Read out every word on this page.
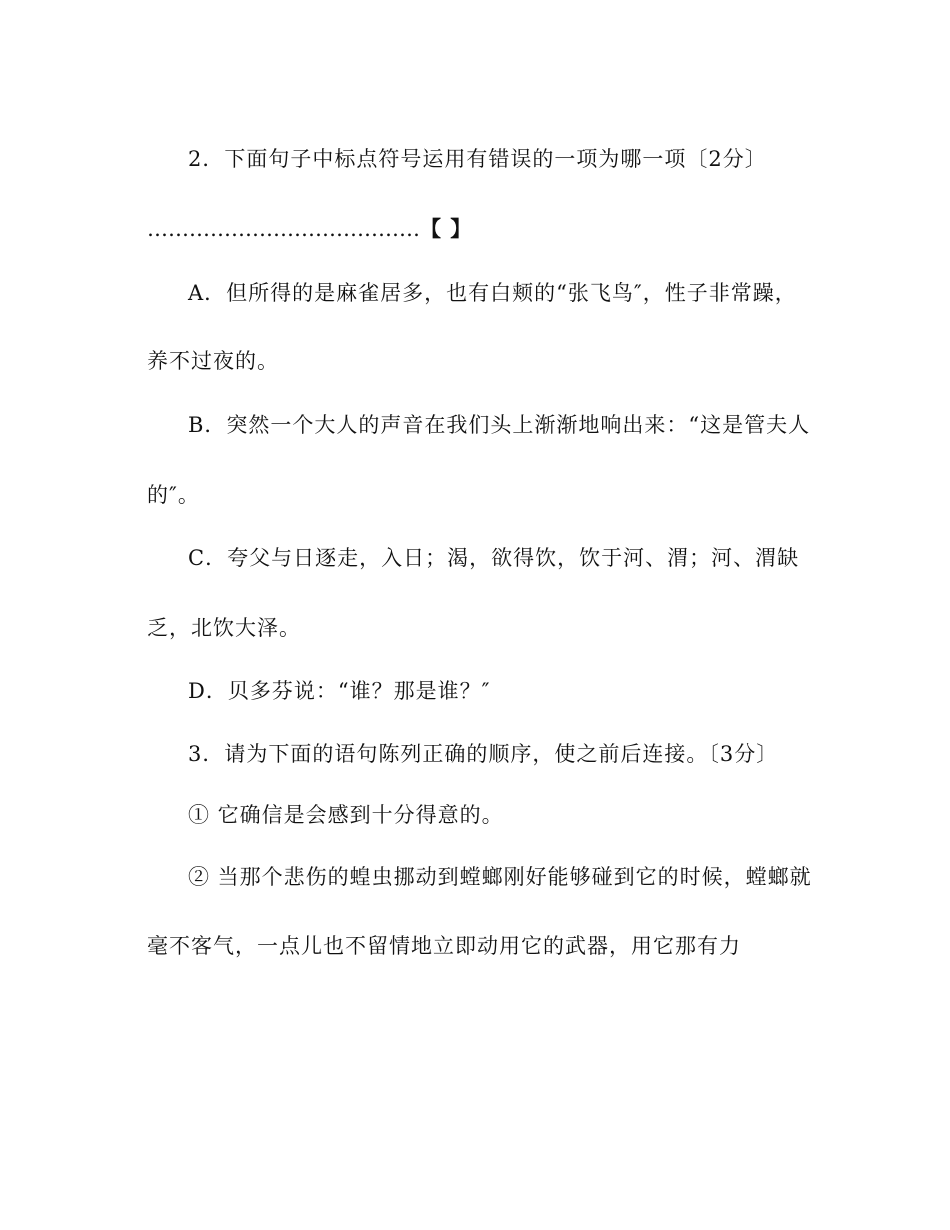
2．下面句子中标点符号运用有错误的一项为哪一项〔2分〕
…………………………………【 】
A．但所得的是麻雀居多，也有白颊的“张飞鸟″，性子非常躁，
养不过夜的。
B．突然一个大人的声音在我们头上渐渐地响出来：“这是管夫人
的″。
C．夸父与日逐走，入日；渴，欲得饮，饮于河、渭；河、渭缺
乏，北饮大泽。
D．贝多芬说：“谁？那是谁？″
3．请为下面的语句陈列正确的顺序，使之前后连接。〔3分〕
① 它确信是会感到十分得意的。
② 当那个悲伤的蝗虫挪动到螳螂刚好能够碰到它的时候，螳螂就
毫不客气，一点儿也不留情地立即动用它的武器，用它那有力
